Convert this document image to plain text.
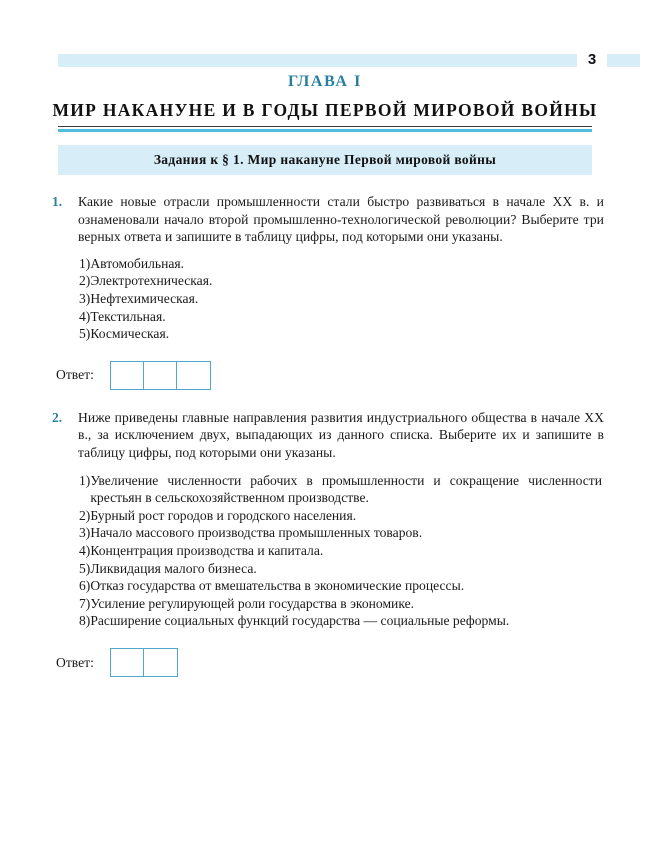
3
ГЛАВА I
МИР НАКАНУНЕ И В ГОДЫ ПЕРВОЙ МИРОВОЙ ВОЙНЫ
Задания к § 1. Мир накануне Первой мировой войны
1.	Какие новые отрасли промышленности стали быстро развиваться в начале XX в. и ознаменовали начало второй промышленно-технологической революции? Выберите три верных ответа и запишите в таблицу цифры, под которыми они указаны.
1) Автомобильная.
2) Электротехническая.
3) Нефтехимическая.
4) Текстильная.
5) Космическая.
Ответ:
2.	Ниже приведены главные направления развития индустриального общества в начале XX в., за исключением двух, выпадающих из данного списка. Выберите их и запишите в таблицу цифры, под которыми они указаны.
1) Увеличение численности рабочих в промышленности и сокращение численности крестьян в сельскохозяйственном производстве.
2) Бурный рост городов и городского населения.
3) Начало массового производства промышленных товаров.
4) Концентрация производства и капитала.
5) Ликвидация малого бизнеса.
6) Отказ государства от вмешательства в экономические процессы.
7) Усиление регулирующей роли государства в экономике.
8) Расширение социальных функций государства — социальные реформы.
Ответ:
